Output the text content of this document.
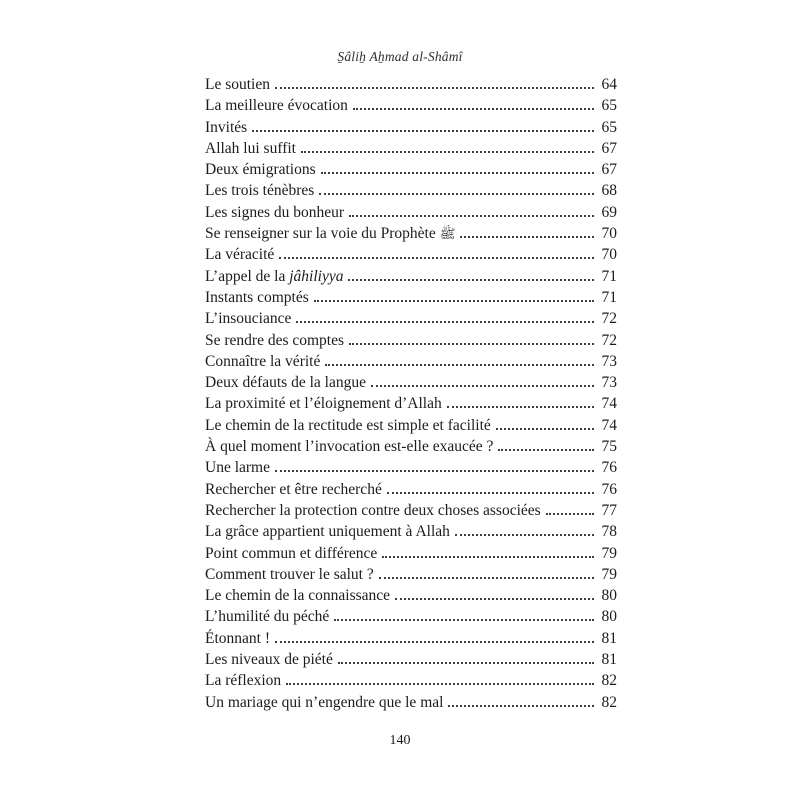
S̱âliẖ Aẖmad al-Shâmî
Le soutien	64
La meilleure évocation	65
Invités	65
Allah lui suffit	67
Deux émigrations	67
Les trois ténèbres	68
Les signes du bonheur	69
Se renseigner sur la voie du Prophète ﷺ	70
La véracité	70
L’appel de la jâhiliyya	71
Instants comptés	71
L’insouciance	72
Se rendre des comptes	72
Connaître la vérité	73
Deux défauts de la langue	73
La proximité et l’éloignement d’Allah	74
Le chemin de la rectitude est simple et facilité	74
À quel moment l’invocation est-elle exaucée ?	75
Une larme	76
Rechercher et être recherché	76
Rechercher la protection contre deux choses associées	77
La grâce appartient uniquement à Allah	78
Point commun et différence	79
Comment trouver le salut ?	79
Le chemin de la connaissance	80
L’humilité du péché	80
Étonnant !	81
Les niveaux de piété	81
La réflexion	82
Un mariage qui n’engendre que le mal	82
140
